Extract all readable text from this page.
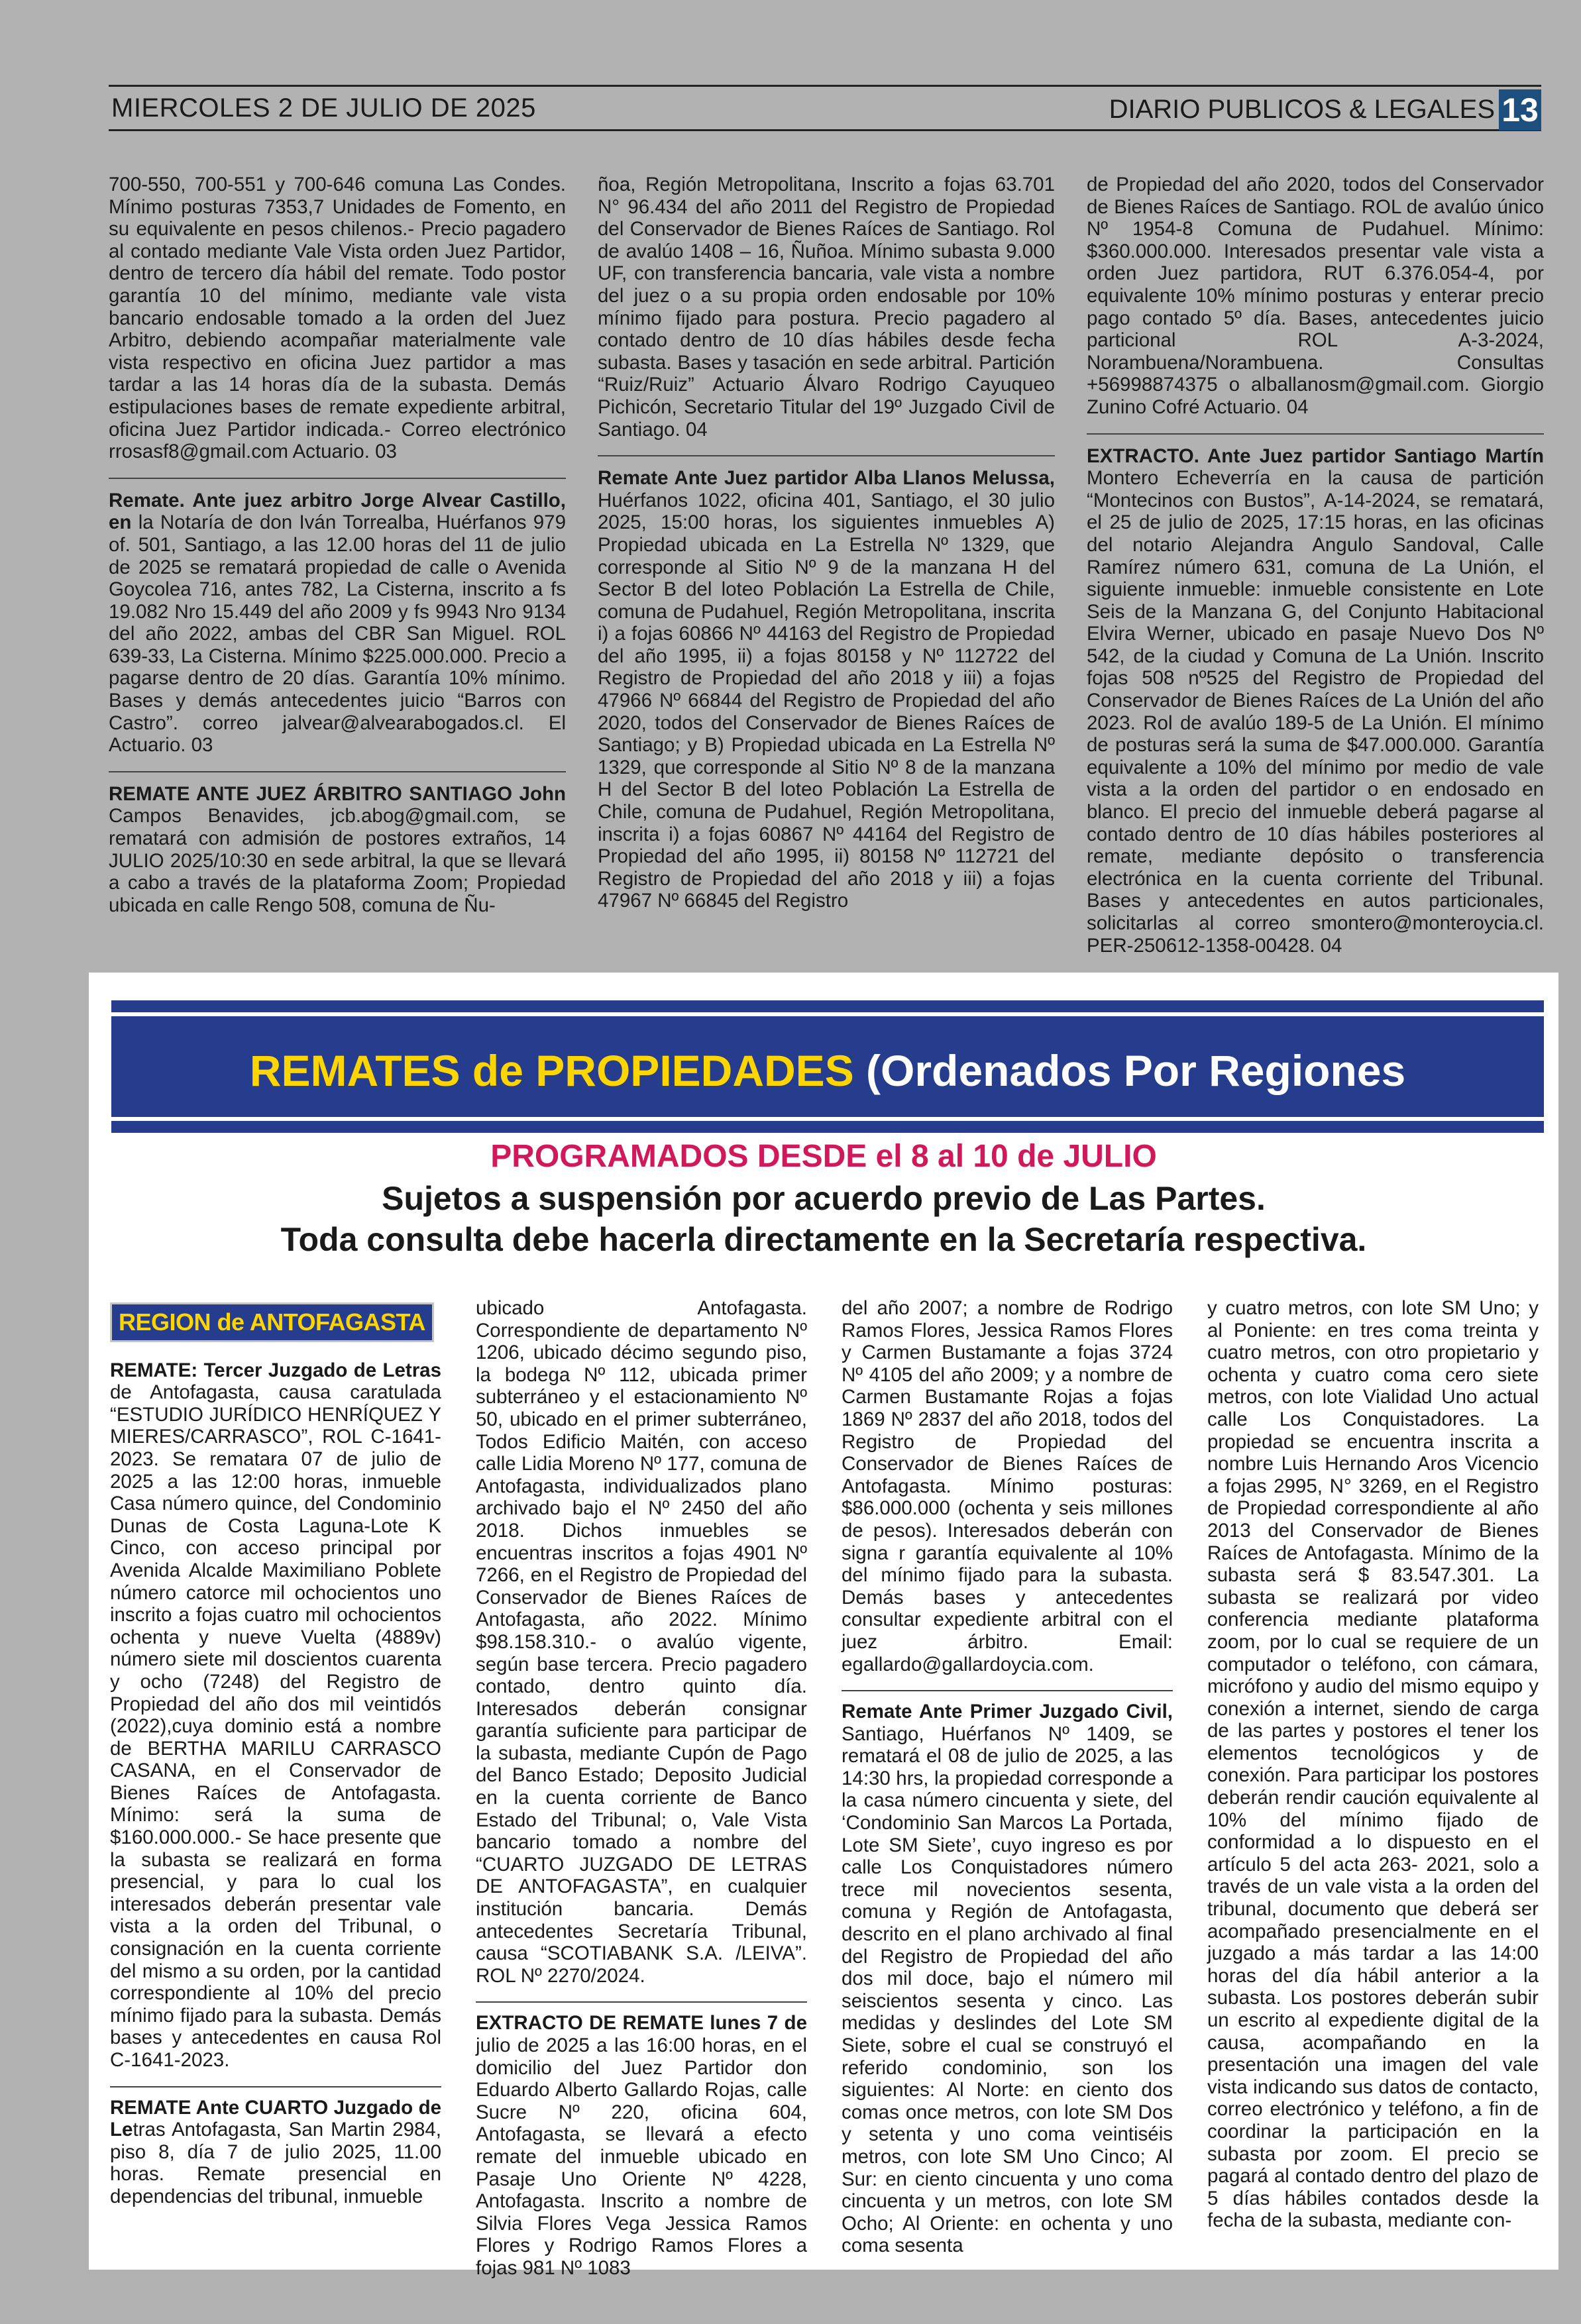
MIERCOLES 2 DE JULIO DE 2025	DIARIO PUBLICOS & LEGALES 13

700-550, 700-551 y 700-646 comuna Las Condes. Mínimo posturas 7353,7 Unidades de Fomento, en su equivalente en pesos chilenos.- Precio pagadero al contado mediante Vale Vista orden Juez Partidor, dentro de tercero día hábil del remate. Todo postor garantía 10 del mínimo, mediante vale vista bancario endosable tomado a la orden del Juez Arbitro, debiendo acompañar materialmente vale vista respectivo en oficina Juez partidor a mas tardar a las 14 horas día de la subasta. Demás estipulaciones bases de remate expediente arbitral, oficina Juez Partidor indicada.- Correo electrónico rrosasf8@gmail.com Actuario. 03

Remate. Ante juez arbitro Jorge Alvear Castillo, en la Notaría de don Iván Torrealba, Huérfanos 979 of. 501, Santiago, a las 12.00 horas del 11 de julio de 2025 se rematará propiedad de calle o Avenida Goycolea 716, antes 782, La Cisterna, inscrito a fs 19.082 Nro 15.449 del año 2009 y fs 9943 Nro 9134 del año 2022, ambas del CBR San Miguel. ROL 639-33, La Cisterna. Mínimo $225.000.000. Precio a pagarse dentro de 20 días. Garantía 10% mínimo. Bases y demás antecedentes juicio “Barros con Castro”. correo jalvear@alvearabogados.cl. El Actuario. 03

REMATE ANTE JUEZ ÁRBITRO SANTIAGO John Campos Benavides, jcb.abog@gmail.com, se rematará con admisión de postores extraños, 14 JULIO 2025/10:30 en sede arbitral, la que se llevará a cabo a través de la plataforma Zoom; Propiedad ubicada en calle Rengo 508, comuna de Ñu-

ñoa, Región Metropolitana, Inscrito a fojas 63.701 N° 96.434 del año 2011 del Registro de Propiedad del Conservador de Bienes Raíces de Santiago. Rol de avalúo 1408 – 16, Ñuñoa. Mínimo subasta 9.000 UF, con transferencia bancaria, vale vista a nombre del juez o a su propia orden endosable por 10% mínimo fijado para postura. Precio pagadero al contado dentro de 10 días hábiles desde fecha subasta. Bases y tasación en sede arbitral. Partición “Ruiz/Ruiz” Actuario Álvaro Rodrigo Cayuqueo Pichicón, Secretario Titular del 19º Juzgado Civil de Santiago. 04

Remate Ante Juez partidor Alba Llanos Melussa, Huérfanos 1022, oficina 401, Santiago, el 30 julio 2025, 15:00 horas, los siguientes inmuebles A) Propiedad ubicada en La Estrella Nº 1329, que corresponde al Sitio Nº 9 de la manzana H del Sector B del loteo Población La Estrella de Chile, comuna de Pudahuel, Región Metropolitana, inscrita i) a fojas 60866 Nº 44163 del Registro de Propiedad del año 1995, ii) a fojas 80158 y Nº 112722 del Registro de Propiedad del año 2018 y iii) a fojas 47966 Nº 66844 del Registro de Propiedad del año 2020, todos del Conservador de Bienes Raíces de Santiago; y B) Propiedad ubicada en La Estrella Nº 1329, que corresponde al Sitio Nº 8 de la manzana H del Sector B del loteo Población La Estrella de Chile, comuna de Pudahuel, Región Metropolitana, inscrita i) a fojas 60867 Nº 44164 del Registro de Propiedad del año 1995, ii) 80158 Nº 112721 del Registro de Propiedad del año 2018 y iii) a fojas 47967 Nº 66845 del Registro

de Propiedad del año 2020, todos del Conservador de Bienes Raíces de Santiago. ROL de avalúo único Nº 1954-8 Comuna de Pudahuel. Mínimo: $360.000.000. Interesados presentar vale vista a orden Juez partidora, RUT 6.376.054-4, por equivalente 10% mínimo posturas y enterar precio pago contado 5º día. Bases, antecedentes juicio particional ROL A-3-2024, Norambuena/Norambuena. Consultas +56998874375 o alballanosm@gmail.com. Giorgio Zunino Cofré Actuario. 04

EXTRACTO. Ante Juez partidor Santiago Martín Montero Echeverría en la causa de partición “Montecinos con Bustos”, A-14-2024, se rematará, el 25 de julio de 2025, 17:15 horas, en las oficinas del notario Alejandra Angulo Sandoval, Calle Ramírez número 631, comuna de La Unión, el siguiente inmueble: inmueble consistente en Lote Seis de la Manzana G, del Conjunto Habitacional Elvira Werner, ubicado en pasaje Nuevo Dos Nº 542, de la ciudad y Comuna de La Unión. Inscrito fojas 508 nº525 del Registro de Propiedad del Conservador de Bienes Raíces de La Unión del año 2023. Rol de avalúo 189-5 de La Unión. El mínimo de posturas será la suma de $47.000.000. Garantía equivalente a 10% del mínimo por medio de vale vista a la orden del partidor o en endosado en blanco. El precio del inmueble deberá pagarse al contado dentro de 10 días hábiles posteriores al remate, mediante depósito o transferencia electrónica en la cuenta corriente del Tribunal. Bases y antecedentes en autos particionales, solicitarlas al correo smontero@monteroycia.cl. PER-250612-1358-00428. 04

REMATES de PROPIEDADES (Ordenados Por Regiones
PROGRAMADOS DESDE el 8 al 10 de JULIO
Sujetos a suspensión por acuerdo previo de Las Partes.
Toda consulta debe hacerla directamente en la Secretaría respectiva.
REGION de ANTOFAGASTA

REMATE: Tercer Juzgado de Letras de Antofagasta, causa caratulada “ESTUDIO JURÍDICO HENRÍQUEZ Y MIERES/CARRASCO”, ROL C-1641-2023. Se rematara 07 de julio de 2025 a las 12:00 horas, inmueble Casa número quince, del Condominio Dunas de Costa Laguna-Lote K Cinco, con acceso principal por Avenida Alcalde Maximiliano Poblete número catorce mil ochocientos uno inscrito a fojas cuatro mil ochocientos ochenta y nueve Vuelta (4889v) número siete mil doscientos cuarenta y ocho (7248) del Registro de Propiedad del año dos mil veintidós (2022),cuya dominio está a nombre de BERTHA MARILU CARRASCO CASANA, en el Conservador de Bienes Raíces de Antofagasta. Mínimo: será la suma de $160.000.000.- Se hace presente que la subasta se realizará en forma presencial, y para lo cual los interesados deberán presentar vale vista a la orden del Tribunal, o consignación en la cuenta corriente del mismo a su orden, por la cantidad correspondiente al 10% del precio mínimo fijado para la subasta. Demás bases y antecedentes en causa Rol C-1641-2023.

REMATE Ante CUARTO Juzgado de Letras Antofagasta, San Martin 2984, piso 8, día 7 de julio 2025, 11.00 horas. Remate presencial en dependencias del tribunal, inmueble

ubicado Antofagasta. Correspondiente de departamento Nº 1206, ubicado décimo segundo piso, la bodega Nº 112, ubicada primer subterráneo y el estacionamiento Nº 50, ubicado en el primer subterráneo, Todos Edificio Maitén, con acceso calle Lidia Moreno Nº 177, comuna de Antofagasta, individualizados plano archivado bajo el Nº 2450 del año 2018. Dichos inmuebles se encuentras inscritos a fojas 4901 Nº 7266, en el Registro de Propiedad del Conservador de Bienes Raíces de Antofagasta, año 2022. Mínimo $98.158.310.- o avalúo vigente, según base tercera. Precio pagadero contado, dentro quinto día. Interesados deberán consignar garantía suficiente para participar de la subasta, mediante Cupón de Pago del Banco Estado; Deposito Judicial en la cuenta corriente de Banco Estado del Tribunal; o, Vale Vista bancario tomado a nombre del “CUARTO JUZGADO DE LETRAS DE ANTOFAGASTA”, en cualquier institución bancaria. Demás antecedentes Secretaría Tribunal, causa “SCOTIABANK S.A. /LEIVA”. ROL Nº 2270/2024.

EXTRACTO DE REMATE lunes 7 de julio de 2025 a las 16:00 horas, en el domicilio del Juez Partidor don Eduardo Alberto Gallardo Rojas, calle Sucre Nº 220, oficina 604, Antofagasta, se llevará a efecto remate del inmueble ubicado en Pasaje Uno Oriente Nº 4228, Antofagasta. Inscrito a nombre de Silvia Flores Vega Jessica Ramos Flores y Rodrigo Ramos Flores a fojas 981 Nº 1083

del año 2007; a nombre de Rodrigo Ramos Flores, Jessica Ramos Flores y Carmen Bustamante a fojas 3724 Nº 4105 del año 2009; y a nombre de Carmen Bustamante Rojas a fojas 1869 Nº 2837 del año 2018, todos del Registro de Propiedad del Conservador de Bienes Raíces de Antofagasta. Mínimo posturas: $86.000.000 (ochenta y seis millones de pesos). Interesados deberán con signa r garantía equivalente al 10% del mínimo fijado para la subasta. Demás bases y antecedentes consultar expediente arbitral con el juez árbitro. Email: egallardo@gallardoycia.com.

Remate Ante Primer Juzgado Civil, Santiago, Huérfanos Nº 1409, se rematará el 08 de julio de 2025, a las 14:30 hrs, la propiedad corresponde a la casa número cincuenta y siete, del ‘Condominio San Marcos La Portada, Lote SM Siete’, cuyo ingreso es por calle Los Conquistadores número trece mil novecientos sesenta, comuna y Región de Antofagasta, descrito en el plano archivado al final del Registro de Propiedad del año dos mil doce, bajo el número mil seiscientos sesenta y cinco. Las medidas y deslindes del Lote SM Siete, sobre el cual se construyó el referido condominio, son los siguientes: Al Norte: en ciento dos comas once metros, con lote SM Dos y setenta y uno coma veintiséis metros, con lote SM Uno Cinco; Al Sur: en ciento cincuenta y uno coma cincuenta y un metros, con lote SM Ocho; Al Oriente: en ochenta y uno coma sesenta

y cuatro metros, con lote SM Uno; y al Poniente: en tres coma treinta y cuatro metros, con otro propietario y ochenta y cuatro coma cero siete metros, con lote Vialidad Uno actual calle Los Conquistadores. La propiedad se encuentra inscrita a nombre Luis Hernando Aros Vicencio a fojas 2995, N° 3269, en el Registro de Propiedad correspondiente al año 2013 del Conservador de Bienes Raíces de Antofagasta. Mínimo de la subasta será $ 83.547.301. La subasta se realizará por video conferencia mediante plataforma zoom, por lo cual se requiere de un computador o teléfono, con cámara, micrófono y audio del mismo equipo y conexión a internet, siendo de carga de las partes y postores el tener los elementos tecnológicos y de conexión. Para participar los postores deberán rendir caución equivalente al 10% del mínimo fijado de conformidad a lo dispuesto en el artículo 5 del acta 263- 2021, solo a través de un vale vista a la orden del tribunal, documento que deberá ser acompañado presencialmente en el juzgado a más tardar a las 14:00 horas del día hábil anterior a la subasta. Los postores deberán subir un escrito al expediente digital de la causa, acompañando en la presentación una imagen del vale vista indicando sus datos de contacto, correo electrónico y teléfono, a fin de coordinar la participación en la subasta por zoom. El precio se pagará al contado dentro del plazo de 5 días hábiles contados desde la fecha de la subasta, mediante con-
